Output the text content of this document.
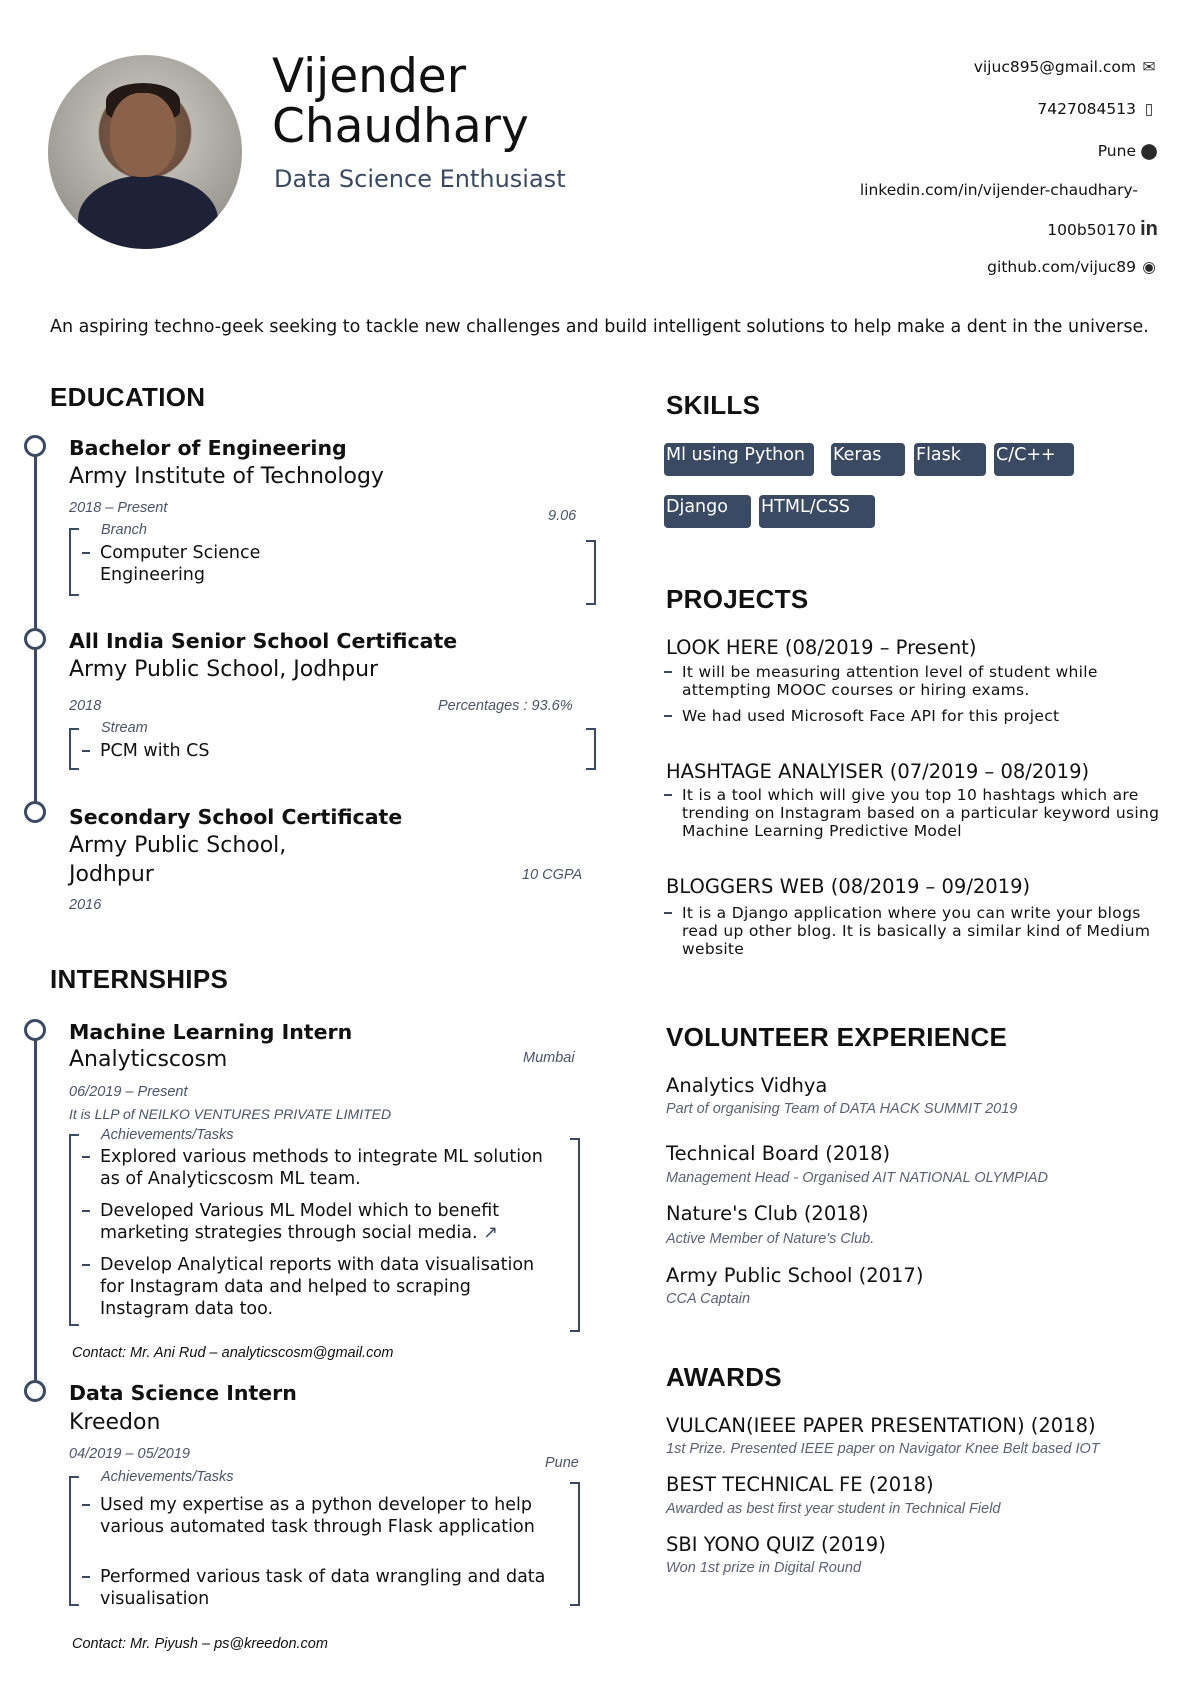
Vijender
Chaudhary
Data Science Enthusiast
vijuc895@gmail.com ✉
7427084513 ▯
Pune ⬤
linkedin.com/in/vijender-chaudhary-
100b50170 in
github.com/vijuc89 ◉
An aspiring techno-geek seeking to tackle new challenges and build intelligent solutions to help make a dent in the universe.
EDUCATION
Bachelor of Engineering
Army Institute of Technology
2018 – Present	9.06
Branch
Computer Science Engineering
All India Senior School Certificate
Army Public School, Jodhpur
2018	Percentages : 93.6%
Stream
PCM with CS
Secondary School Certificate
Army Public School,
Jodhpur	10 CGPA
2016
INTERNSHIPS
Machine Learning Intern
Analyticscosm	Mumbai
06/2019 – Present
It is LLP of NEILKO VENTURES PRIVATE LIMITED
Achievements/Tasks
Explored various methods to integrate ML solution as of Analyticscosm ML team.
Developed Various ML Model which to benefit marketing strategies through social media. ↗
Develop Analytical reports with data visualisation for Instagram data and helped to scraping Instagram data too.
Contact: Mr. Ani Rud – analyticscosm@gmail.com
Data Science Intern
Kreedon
Pune
04/2019 – 05/2019
Achievements/Tasks
Used my expertise as a python developer to help various automated task through Flask application
Performed various task of data wrangling and data visualisation
Contact: Mr. Piyush – ps@kreedon.com
SKILLS
Ml using Python	Keras	Flask	C/C++
Django	HTML/CSS
PROJECTS
LOOK HERE (08/2019 – Present)
It will be measuring attention level of student while attempting MOOC courses or hiring exams.
We had used Microsoft Face API for this project
HASHTAGE ANALYISER (07/2019 – 08/2019)
It is a tool which will give you top 10 hashtags which are trending on Instagram based on a particular keyword using Machine Learning Predictive Model
BLOGGERS WEB (08/2019 – 09/2019)
It is a Django application where you can write your blogs read up other blog. It is basically a similar kind of Medium website
VOLUNTEER EXPERIENCE
Analytics Vidhya
Part of organising Team of DATA HACK SUMMIT 2019
Technical Board (2018)
Management Head - Organised AIT NATIONAL OLYMPIAD
Nature's Club (2018)
Active Member of Nature's Club.
Army Public School (2017)
CCA Captain
AWARDS
VULCAN(IEEE PAPER PRESENTATION) (2018)
1st Prize. Presented IEEE paper on Navigator Knee Belt based IOT
BEST TECHNICAL FE (2018)
Awarded as best first year student in Technical Field
SBI YONO QUIZ (2019)
Won 1st prize in Digital Round
